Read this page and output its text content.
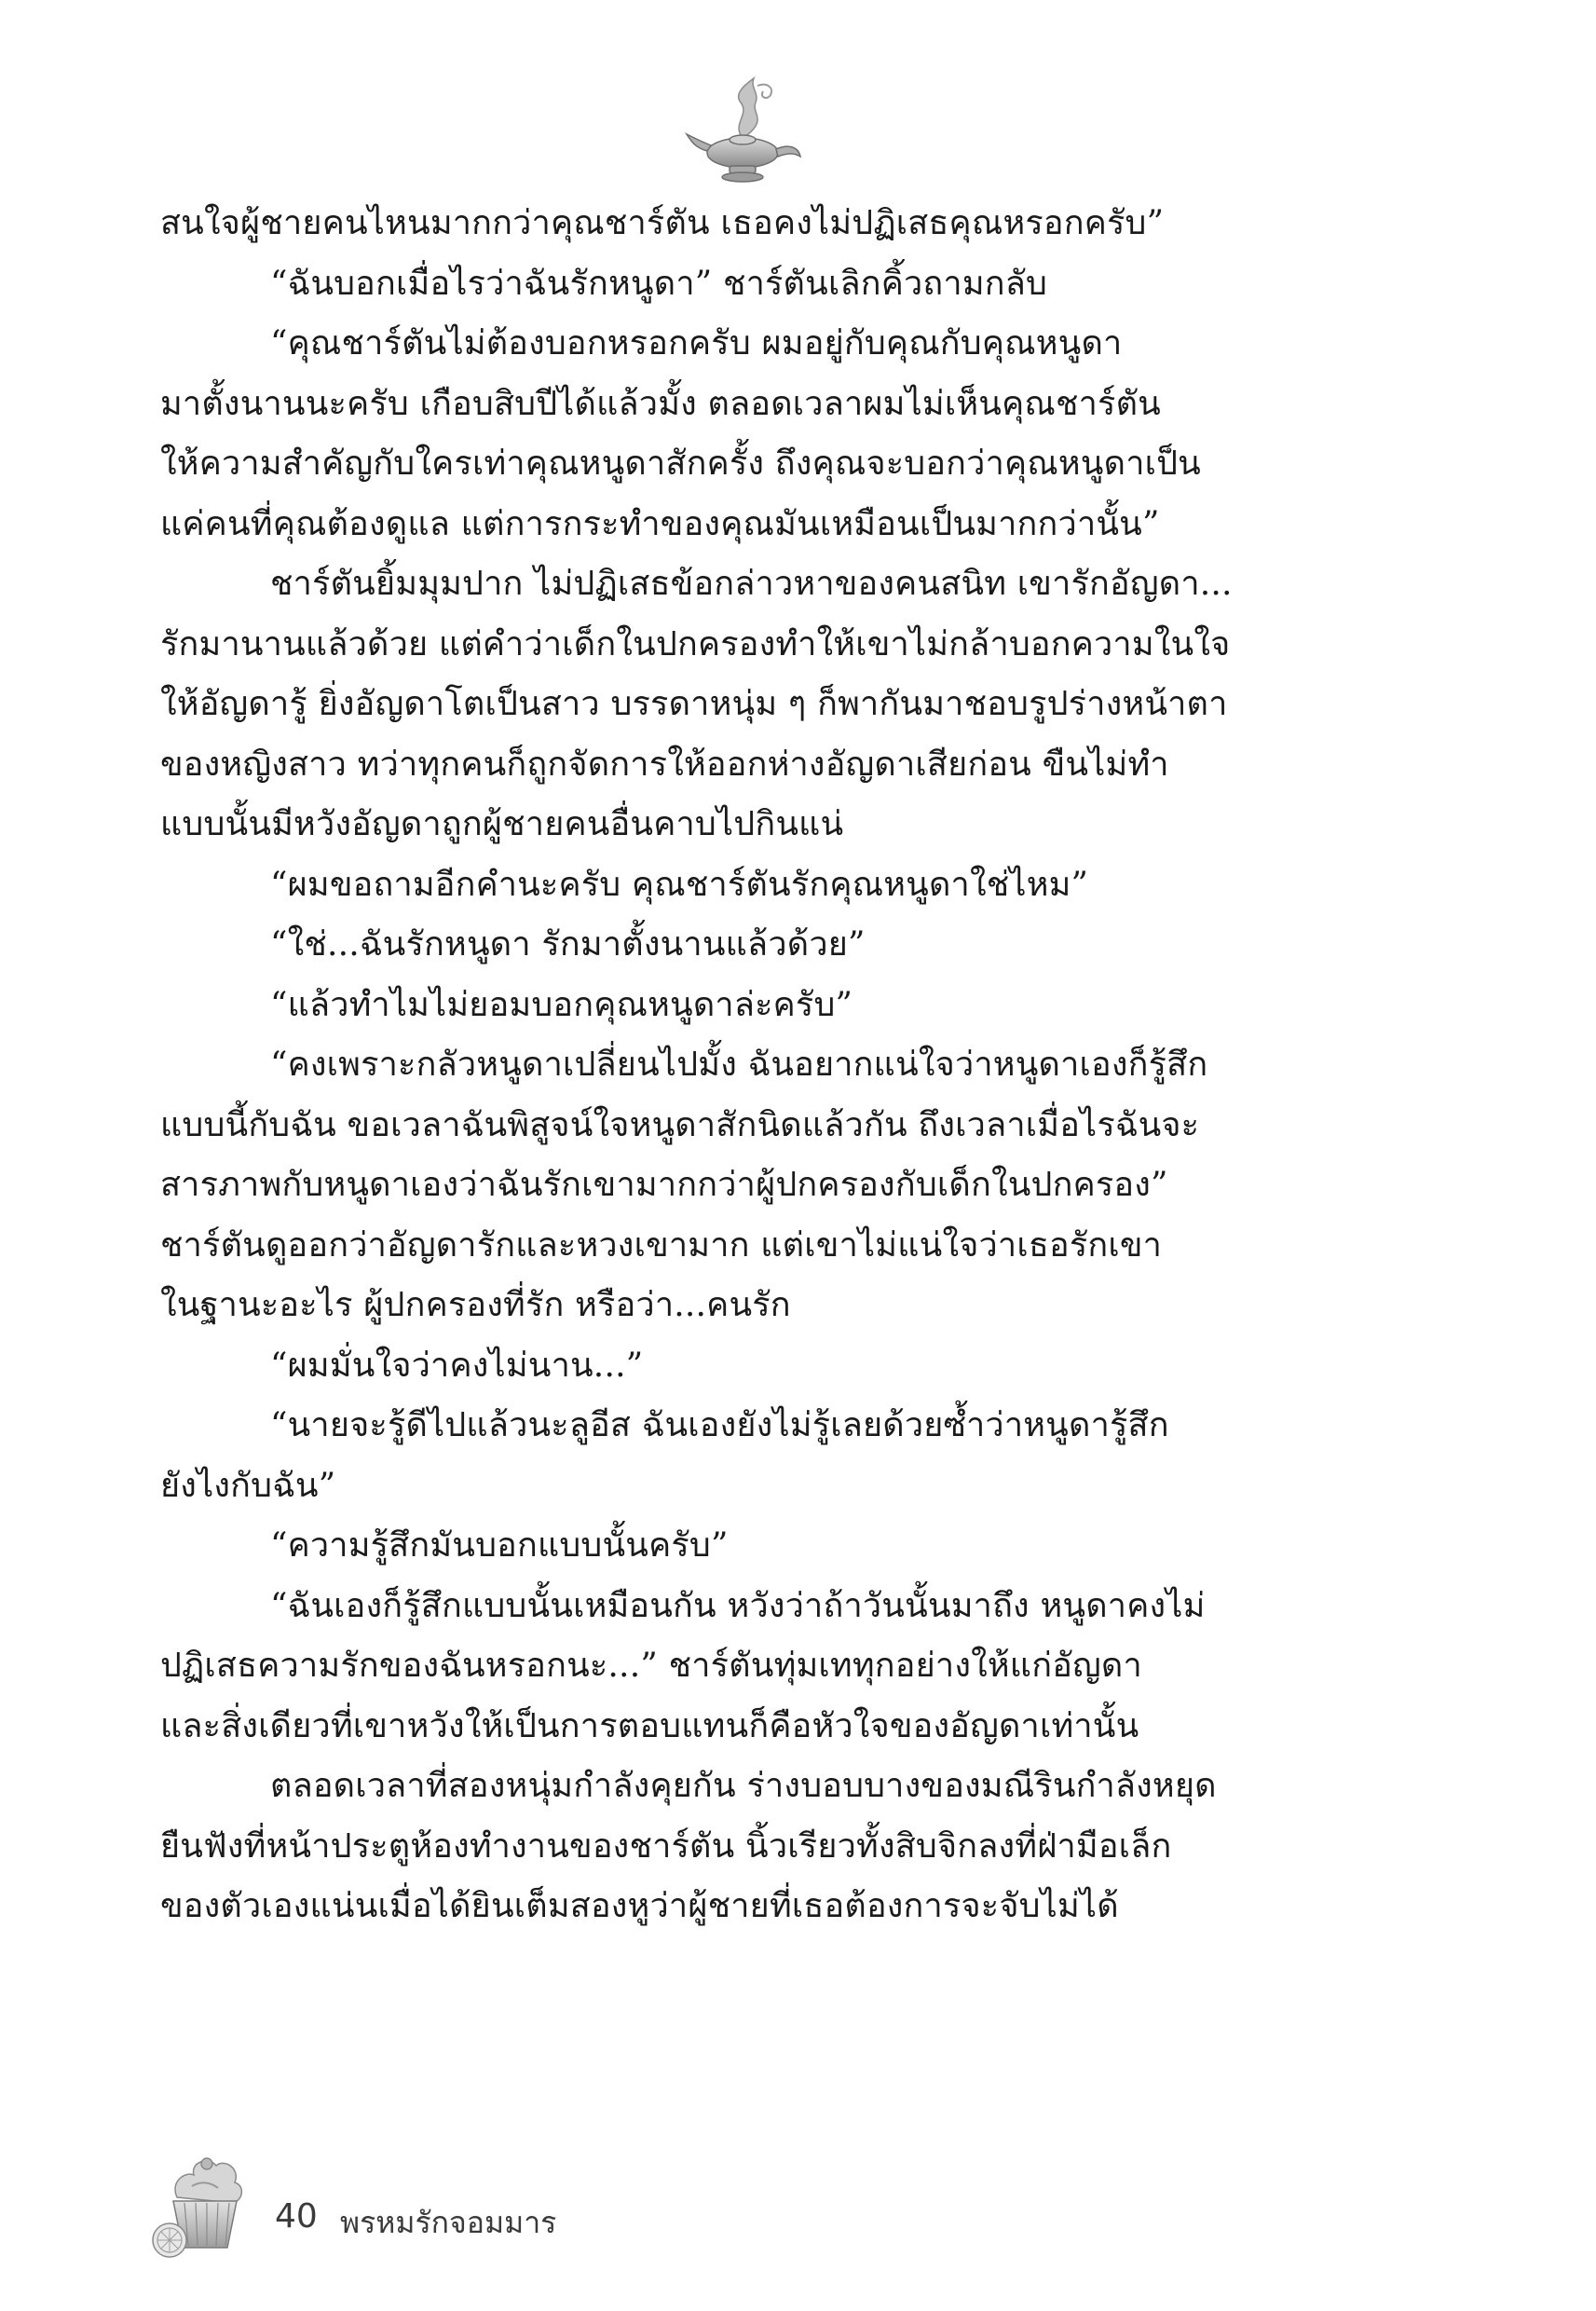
สนใจผู้ชายคนไหนมากกว่าคุณชาร์ตัน เธอคงไม่ปฏิเสธคุณหรอกครับ”
“ฉันบอกเมื่อไรว่าฉันรักหนูดา” ชาร์ตันเลิกคิ้วถามกลับ
“คุณชาร์ตันไม่ต้องบอกหรอกครับ ผมอยู่กับคุณกับคุณหนูดา
มาตั้งนานนะครับ เกือบสิบปีได้แล้วมั้ง ตลอดเวลาผมไม่เห็นคุณชาร์ตัน
ให้ความสำคัญกับใครเท่าคุณหนูดาสักครั้ง ถึงคุณจะบอกว่าคุณหนูดาเป็น
แค่คนที่คุณต้องดูแล แต่การกระทำของคุณมันเหมือนเป็นมากกว่านั้น”
ชาร์ตันยิ้มมุมปาก ไม่ปฏิเสธข้อกล่าวหาของคนสนิท เขารักอัญดา...
รักมานานแล้วด้วย แต่คำว่าเด็กในปกครองทำให้เขาไม่กล้าบอกความในใจ
ให้อัญดารู้ ยิ่งอัญดาโตเป็นสาว บรรดาหนุ่ม ๆ ก็พากันมาชอบรูปร่างหน้าตา
ของหญิงสาว ทว่าทุกคนก็ถูกจัดการให้ออกห่างอัญดาเสียก่อน ขืนไม่ทำ
แบบนั้นมีหวังอัญดาถูกผู้ชายคนอื่นคาบไปกินแน่
“ผมขอถามอีกคำนะครับ คุณชาร์ตันรักคุณหนูดาใช่ไหม”
“ใช่...ฉันรักหนูดา รักมาตั้งนานแล้วด้วย”
“แล้วทำไมไม่ยอมบอกคุณหนูดาล่ะครับ”
“คงเพราะกลัวหนูดาเปลี่ยนไปมั้ง ฉันอยากแน่ใจว่าหนูดาเองก็รู้สึก
แบบนี้กับฉัน ขอเวลาฉันพิสูจน์ใจหนูดาสักนิดแล้วกัน ถึงเวลาเมื่อไรฉันจะ
สารภาพกับหนูดาเองว่าฉันรักเขามากกว่าผู้ปกครองกับเด็กในปกครอง”
ชาร์ตันดูออกว่าอัญดารักและหวงเขามาก แต่เขาไม่แน่ใจว่าเธอรักเขา
ในฐานะอะไร ผู้ปกครองที่รัก หรือว่า...คนรัก
“ผมมั่นใจว่าคงไม่นาน...”
“นายจะรู้ดีไปแล้วนะลูอีส ฉันเองยังไม่รู้เลยด้วยซ้ำว่าหนูดารู้สึก
ยังไงกับฉัน”
“ความรู้สึกมันบอกแบบนั้นครับ”
“ฉันเองก็รู้สึกแบบนั้นเหมือนกัน หวังว่าถ้าวันนั้นมาถึง หนูดาคงไม่
ปฏิเสธความรักของฉันหรอกนะ...” ชาร์ตันทุ่มเททุกอย่างให้แก่อัญดา
และสิ่งเดียวที่เขาหวังให้เป็นการตอบแทนก็คือหัวใจของอัญดาเท่านั้น
ตลอดเวลาที่สองหนุ่มกำลังคุยกัน ร่างบอบบางของมณีรินกำลังหยุด
ยืนฟังที่หน้าประตูห้องทำงานของชาร์ตัน นิ้วเรียวทั้งสิบจิกลงที่ฝ่ามือเล็ก
ของตัวเองแน่นเมื่อได้ยินเต็มสองหูว่าผู้ชายที่เธอต้องการจะจับไม่ได้
40 พรหมรักจอมมาร
